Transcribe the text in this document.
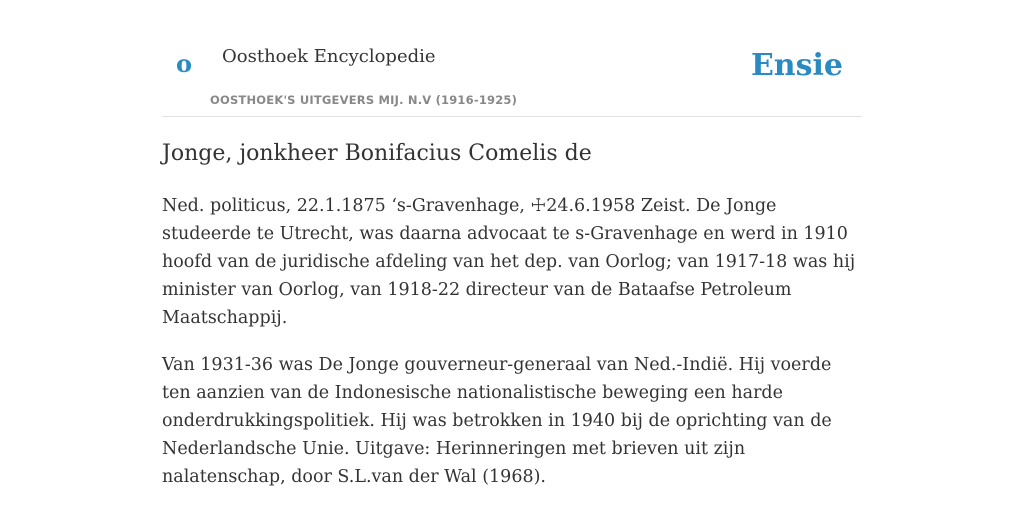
o Oosthoek Encyclopedie
OOSTHOEK'S UITGEVERS MIJ. N.V (1916-1925)
Ensie
Jonge, jonkheer Bonifacius Comelis de

Ned. politicus, 22.1.1875 ‘s-Gravenhage, ☩24.6.1958 Zeist. De Jonge studeerde te Utrecht, was daarna advocaat te s-Gravenhage en werd in 1910 hoofd van de juridische afdeling van het dep. van Oorlog; van 1917-18 was hij minister van Oorlog, van 1918-22 directeur van de Bataafse Petroleum Maatschappij.

Van 1931-36 was De Jonge gouverneur-generaal van Ned.-Indië. Hij voerde ten aanzien van de Indonesische nationalistische beweging een harde onderdrukkingspolitiek. Hij was betrokken in 1940 bij de oprichting van de Nederlandsche Unie. Uitgave: Herinneringen met brieven uit zijn nalatenschap, door S.L.van der Wal (1968).
